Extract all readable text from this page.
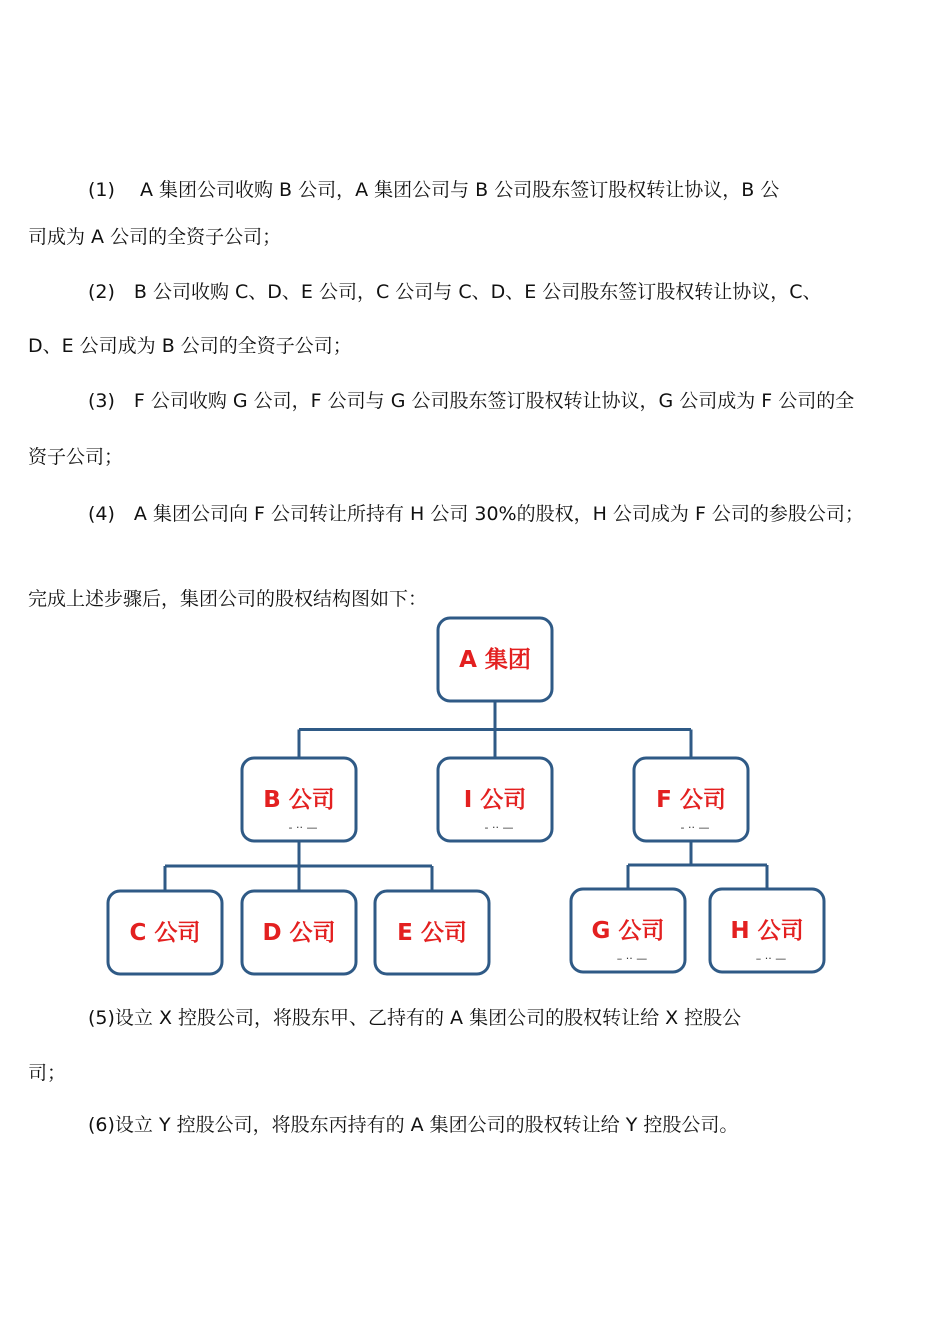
(1)　 A 集团公司收购 B 公司，A 集团公司与 B 公司股东签订股权转让协议，B 公

司成为 A 公司的全资子公司；

(2)　B 公司收购 C、D、E 公司，C 公司与 C、D、E 公司股东签订股权转让协议，C、

D、E 公司成为 B 公司的全资子公司；

(3)　F 公司收购 G 公司，F 公司与 G 公司股东签订股权转让协议，G 公司成为 F 公司的全

资子公司；

(4)　A 集团公司向 F 公司转让所持有 H 公司 30%的股权，H 公司成为 F 公司的参股公司；

完成上述步骤后，集团公司的股权结构图如下：

A 集团
B 公司
- ·· —
I 公司
- ·· —
F 公司
- ·· —
C 公司	D 公司	E 公司	G 公司
– ·· —
H 公司
– ·· —

(5)设立 X 控股公司，将股东甲、乙持有的 A 集团公司的股权转让给 X 控股公

司；

(6)设立 Y 控股公司，将股东丙持有的 A 集团公司的股权转让给 Y 控股公司。
